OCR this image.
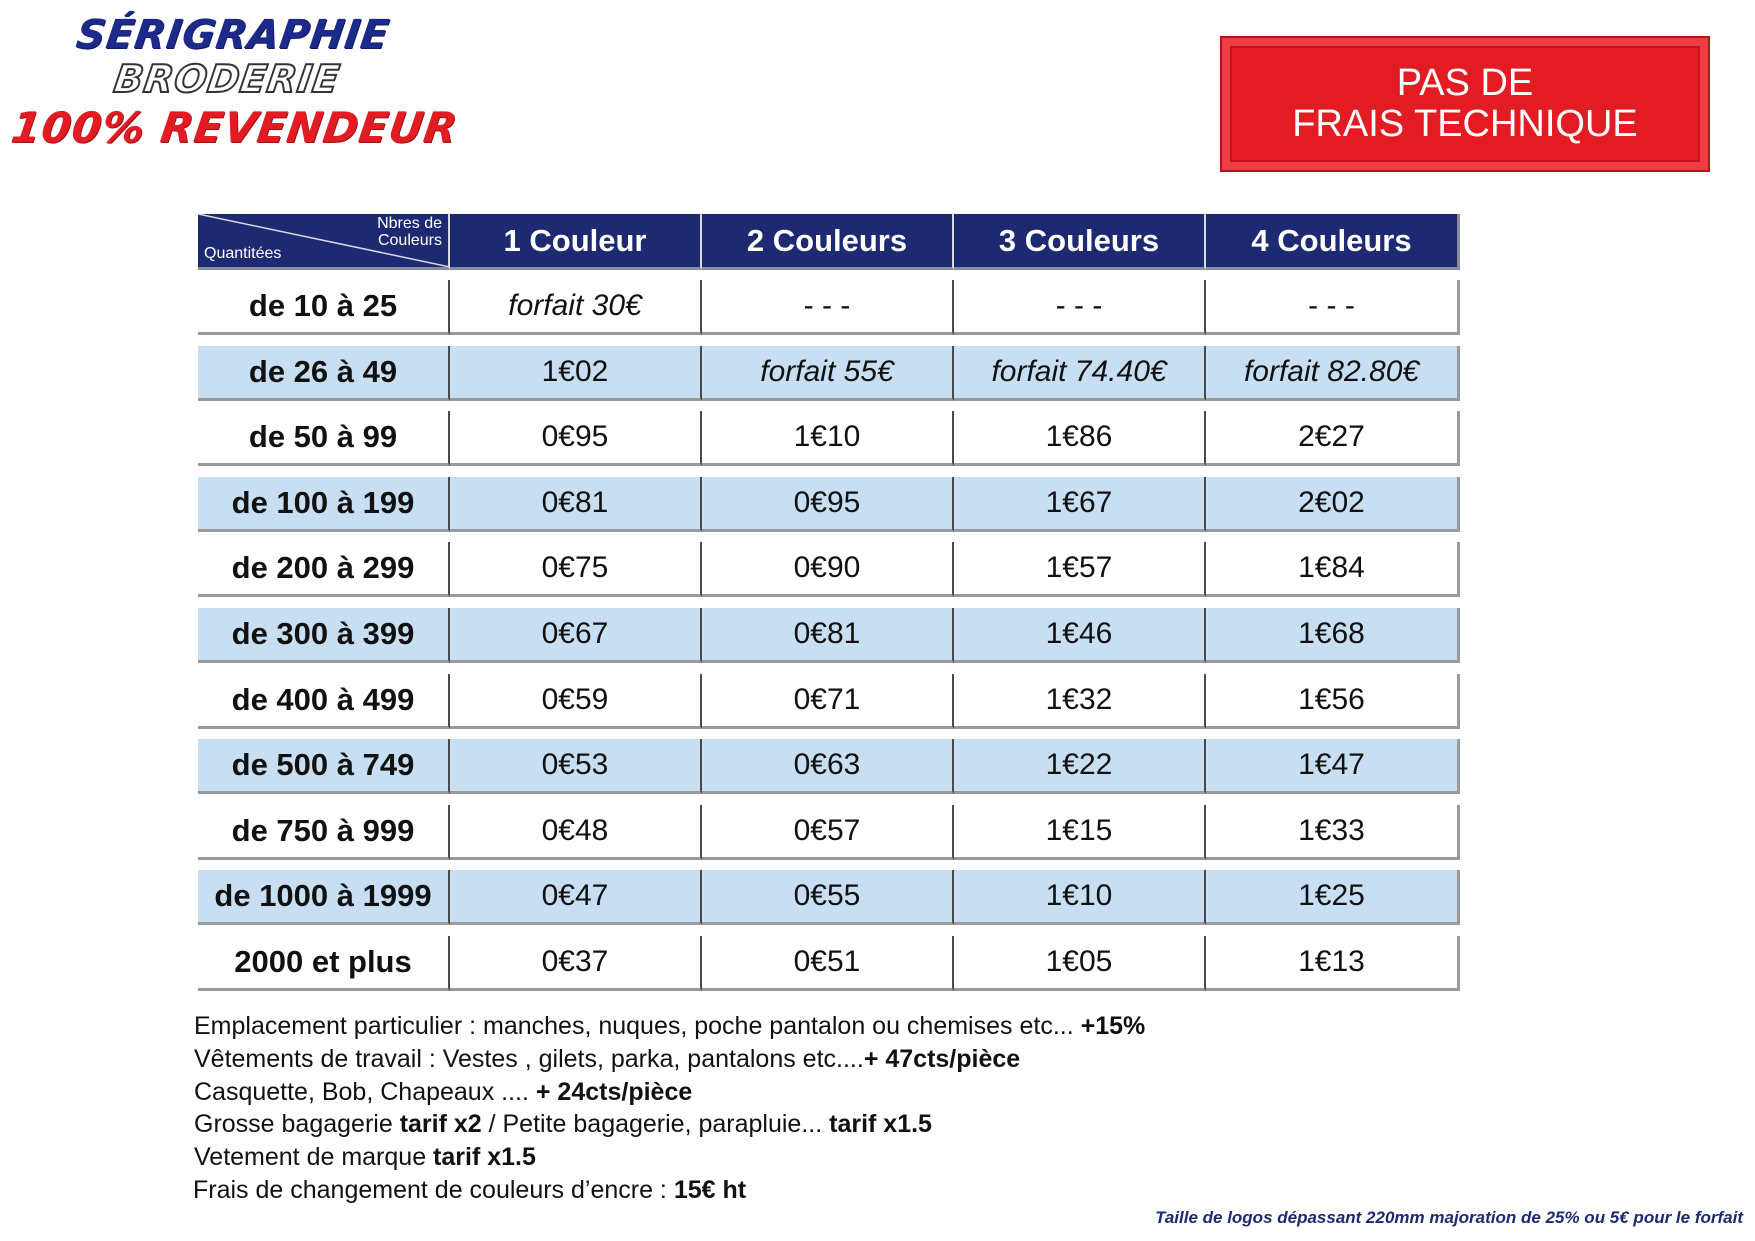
SÉRIGRAPHIE
BRODERIE
100% REVENDEUR
PAS DE
FRAIS TECHNIQUE
Nbres de
Couleurs
Quantitées	1 Couleur	2 Couleurs	3 Couleurs	4 Couleurs
de 10 à 25	forfait 30€	- - -	- - -	- - -
de 26 à 49	1€02	forfait 55€	forfait 74.40€	forfait 82.80€
de 50 à 99	0€95	1€10	1€86	2€27
de 100 à 199	0€81	0€95	1€67	2€02
de 200 à 299	0€75	0€90	1€57	1€84
de 300 à 399	0€67	0€81	1€46	1€68
de 400 à 499	0€59	0€71	1€32	1€56
de 500 à 749	0€53	0€63	1€22	1€47
de 750 à 999	0€48	0€57	1€15	1€33
de 1000 à 1999	0€47	0€55	1€10	1€25
2000 et plus	0€37	0€51	1€05	1€13
Emplacement particulier : manches, nuques, poche pantalon ou chemises etc... +15%
Vêtements de travail : Vestes , gilets, parka, pantalons etc....+ 47cts/pièce
Casquette, Bob, Chapeaux .... + 24cts/pièce
Grosse bagagerie tarif x2 / Petite bagagerie, parapluie... tarif x1.5
Vetement de marque tarif x1.5
Frais de changement de couleurs d’encre : 15€ ht
Taille de logos dépassant 220mm majoration de 25% ou 5€ pour le forfait
